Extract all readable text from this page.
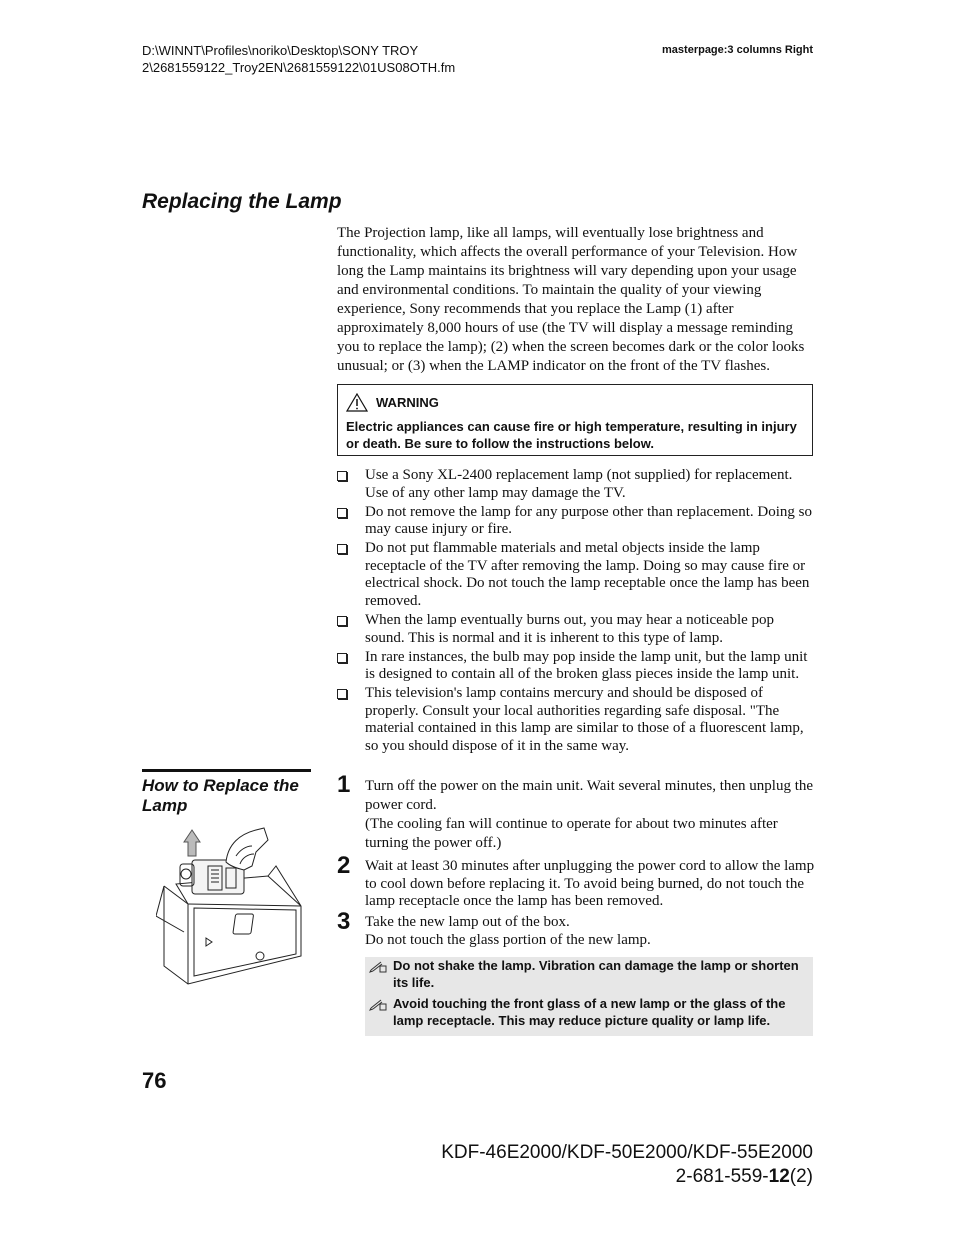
D:\WINNT\Profiles\noriko\Desktop\SONY TROY
2\2681559122_Troy2EN\2681559122\01US08OTH.fm
masterpage:3 columns Right
Replacing the Lamp

The Projection lamp, like all lamps, will eventually lose brightness and functionality, which affects the overall performance of your Television. How long the Lamp maintains its brightness will vary depending upon your usage and environmental conditions. To maintain the quality of your viewing experience, Sony recommends that you replace the Lamp (1) after approximately 8,000 hours of use (the TV will display a message reminding you to replace the lamp); (2) when the screen becomes dark or the color looks unusual; or (3) when the LAMP indicator on the front of the TV flashes.

WARNING
Electric appliances can cause fire or high temperature, resulting in injury or death. Be sure to follow the instructions below.
Use a Sony XL-2400 replacement lamp (not supplied) for replacement. Use of any other lamp may damage the TV.
Do not remove the lamp for any purpose other than replacement. Doing so may cause injury or fire.
Do not put flammable materials and metal objects inside the lamp receptacle of the TV after removing the lamp. Doing so may cause fire or electrical shock. Do not touch the lamp receptable once the lamp has been removed.
When the lamp eventually burns out, you may hear a noticeable pop sound. This is normal and it is inherent to this type of lamp.
In rare instances, the bulb may pop inside the lamp unit, but the lamp unit is designed to contain all of the broken glass pieces inside the lamp unit.
This television's lamp contains mercury and should be disposed of properly. Consult your local authorities regarding safe disposal. "The material contained in this lamp are similar to those of a fluorescent lamp, so you should dispose of it in the same way.
How to Replace the Lamp
1 Turn off the power on the main unit. Wait several minutes, then unplug the power cord.
(The cooling fan will continue to operate for about two minutes after turning the power off.)
2 Wait at least 30 minutes after unplugging the power cord to allow the lamp to cool down before replacing it. To avoid being burned, do not touch the lamp receptacle once the lamp has been removed.
3 Take the new lamp out of the box.
Do not touch the glass portion of the new lamp.
Do not shake the lamp. Vibration can damage the lamp or shorten its life.
Avoid touching the front glass of a new lamp or the glass of the lamp receptacle. This may reduce picture quality or lamp life.
76
KDF-46E2000/KDF-50E2000/KDF-55E2000
2-681-559-12(2)
